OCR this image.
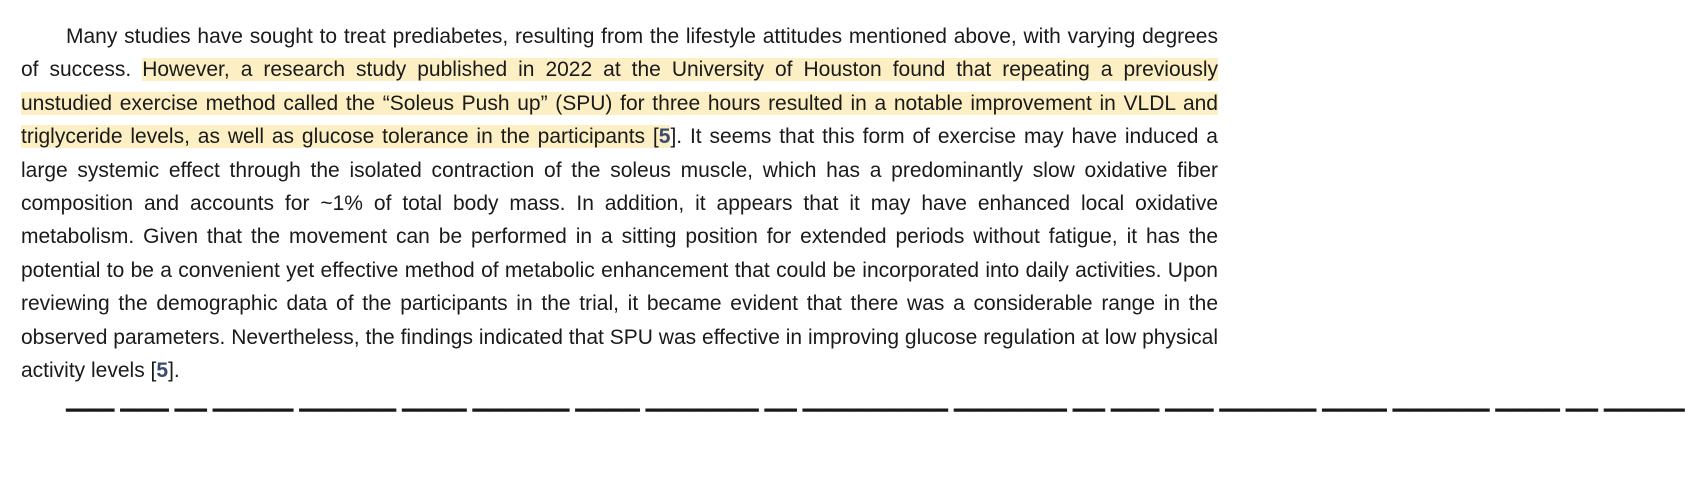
Many studies have sought to treat prediabetes, resulting from the lifestyle attitudes mentioned above, with varying degrees of success. However, a research study published in 2022 at the University of Houston found that repeating a previously unstudied exercise method called the “Soleus Push up” (SPU) for three hours resulted in a notable improvement in VLDL and triglyceride levels, as well as glucose tolerance in the participants [5]. It seems that this form of exercise may have induced a large systemic effect through the isolated contraction of the soleus muscle, which has a predominantly slow oxidative fiber composition and accounts for ~1% of total body mass. In addition, it appears that it may have enhanced local oxidative metabolism. Given that the movement can be performed in a sitting position for extended periods without fatigue, it has the potential to be a convenient yet effective method of metabolic enhancement that could be incorporated into daily activities. Upon reviewing the demographic data of the participants in the trial, it became evident that there was a considerable range in the observed parameters. Nevertheless, the findings indicated that SPU was effective in improving glucose regulation at low physical activity levels [5].

▔▔▔ ▔▔▔ ▔▔ ▔▔▔▔▔ ▔▔▔▔▔▔ ▔▔▔▔ ▔▔▔▔▔▔ ▔▔▔▔ ▔▔▔▔▔▔▔ ▔▔ ▔▔▔▔▔▔▔▔▔ ▔▔▔▔▔▔▔ ▔▔ ▔▔▔ ▔▔▔ ▔▔▔▔▔▔ ▔▔▔▔ ▔▔▔▔▔▔ ▔▔▔▔ ▔▔ ▔▔▔▔▔
